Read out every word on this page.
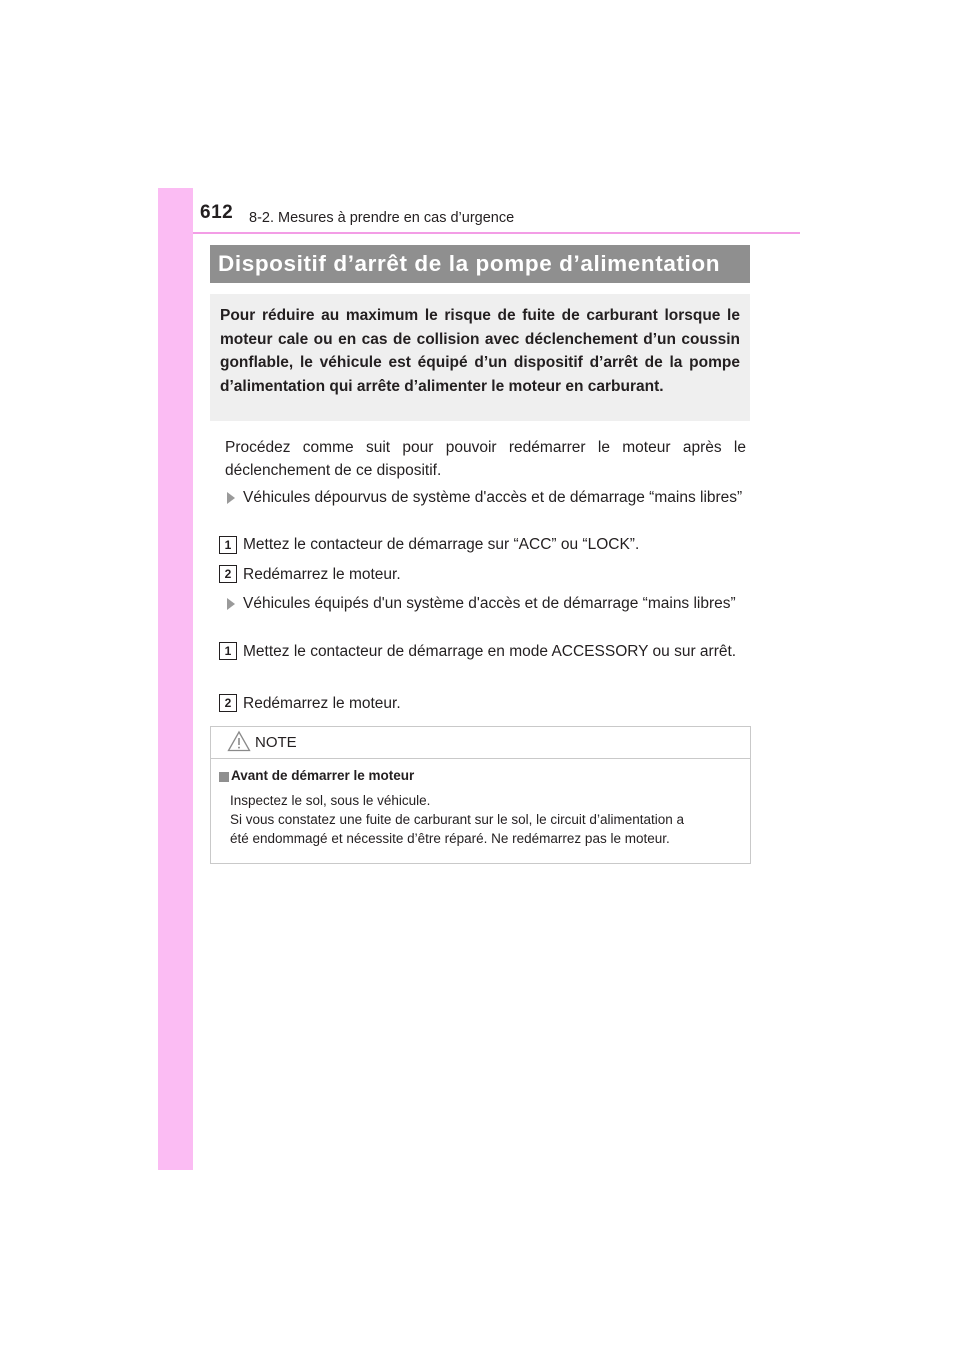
612 8-2. Mesures à prendre en cas d’urgence
Dispositif d’arrêt de la pompe d’alimentation
Pour réduire au maximum le risque de fuite de carburant lorsque le moteur cale ou en cas de collision avec déclenchement d’un coussin gonflable, le véhicule est équipé d’un dispositif d’arrêt de la pompe d’alimentation qui arrête d’alimenter le moteur en carburant.
Procédez comme suit pour pouvoir redémarrer le moteur après le déclenchement de ce dispositif.
Véhicules dépourvus de système d'accès et de démarrage “mains libres”
1 Mettez le contacteur de démarrage sur “ACC” ou “LOCK”.
2 Redémarrez le moteur.
Véhicules équipés d'un système d'accès et de démarrage “mains libres”
1 Mettez le contacteur de démarrage en mode ACCESSORY ou sur arrêt.
2 Redémarrez le moteur.
NOTE
Avant de démarrer le moteur
Inspectez le sol, sous le véhicule.
Si vous constatez une fuite de carburant sur le sol, le circuit d’alimentation a
été endommagé et nécessite d’être réparé. Ne redémarrez pas le moteur.
